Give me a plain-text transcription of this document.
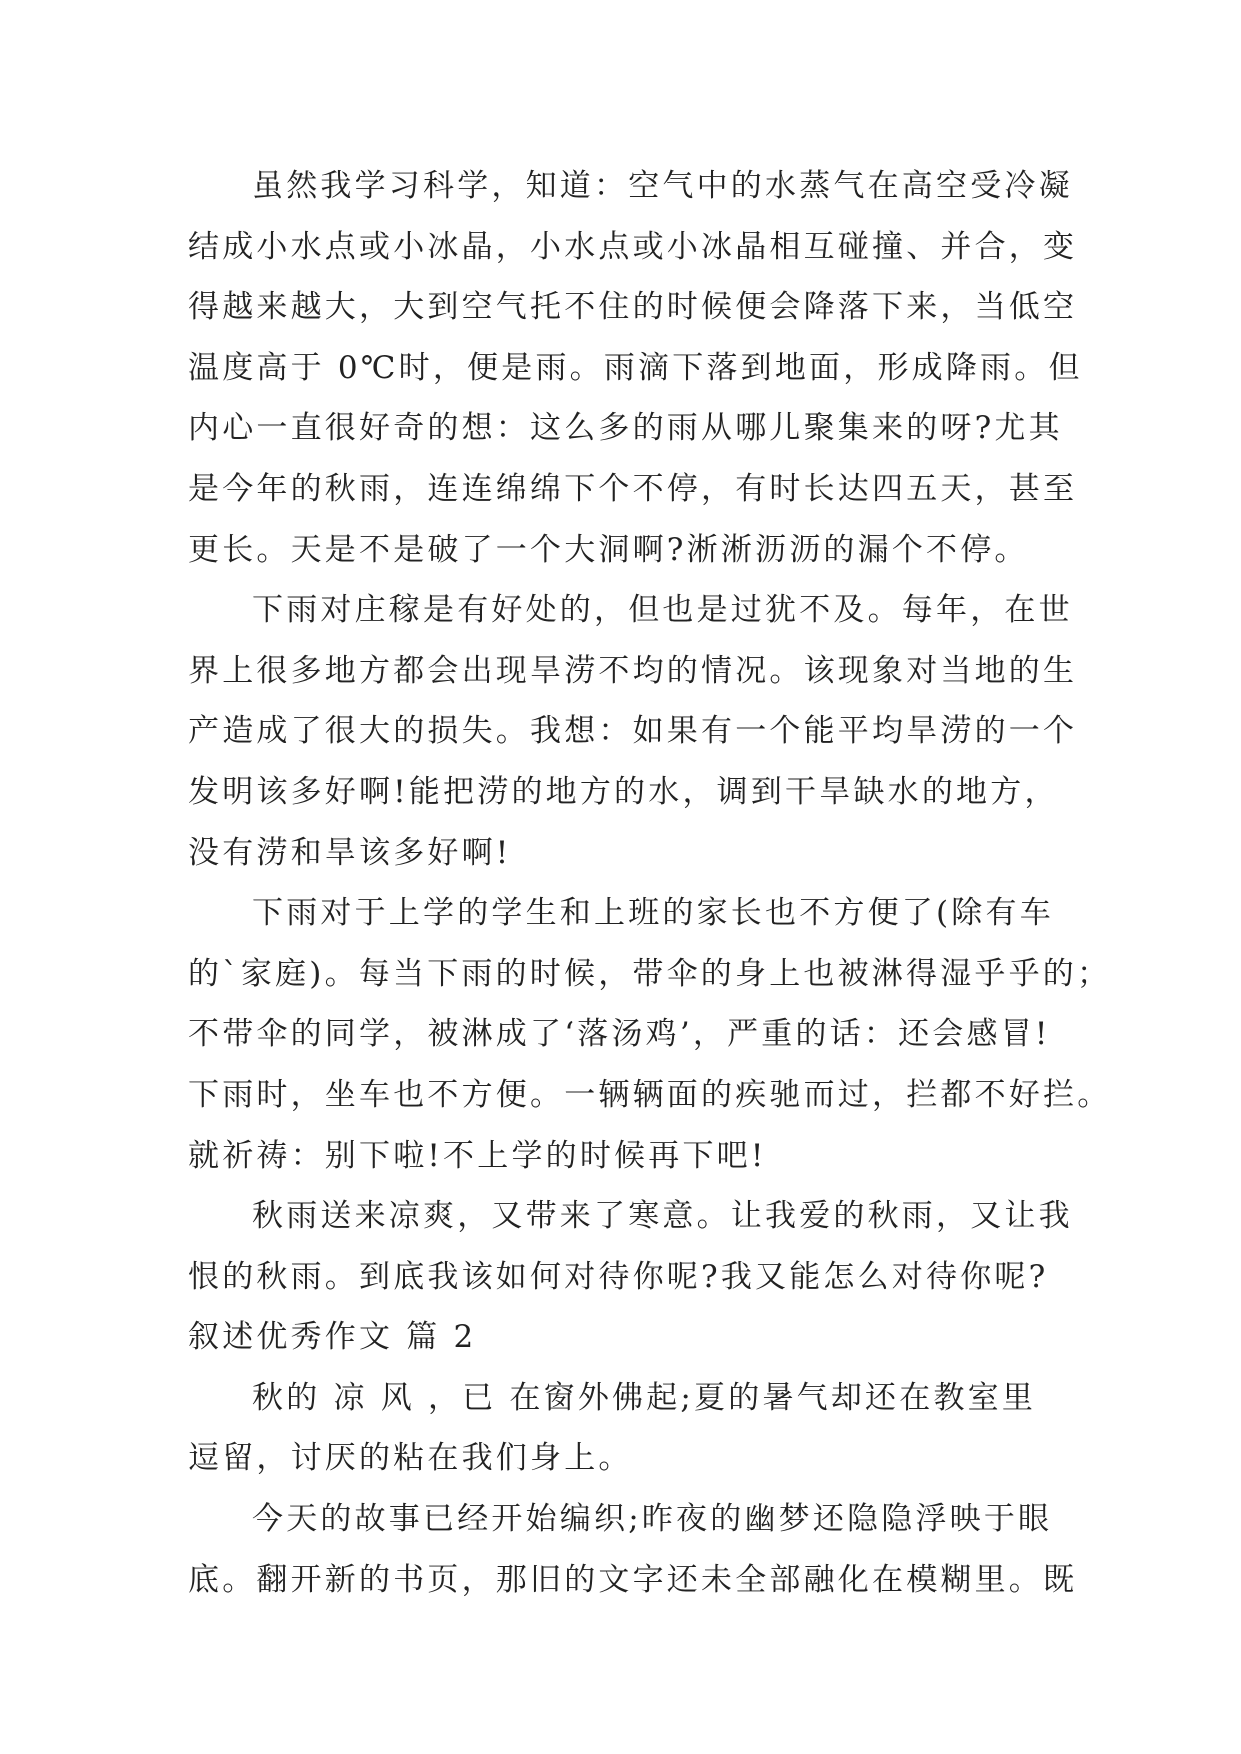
虽然我学习科学，知道：空气中的水蒸气在高空受冷凝
结成小水点或小冰晶，小水点或小冰晶相互碰撞、并合，变
得越来越大，大到空气托不住的时候便会降落下来，当低空
温度高于 0℃时，便是雨。雨滴下落到地面，形成降雨。但
内心一直很好奇的想：这么多的雨从哪儿聚集来的呀?尤其
是今年的秋雨，连连绵绵下个不停，有时长达四五天，甚至
更长。天是不是破了一个大洞啊?淅淅沥沥的漏个不停。
下雨对庄稼是有好处的，但也是过犹不及。每年，在世
界上很多地方都会出现旱涝不均的情况。该现象对当地的生
产造成了很大的损失。我想：如果有一个能平均旱涝的一个
发明该多好啊!能把涝的地方的水，调到干旱缺水的地方，
没有涝和旱该多好啊!
下雨对于上学的学生和上班的家长也不方便了(除有车
的`家庭)。每当下雨的时候，带伞的身上也被淋得湿乎乎的；
不带伞的同学，被淋成了‘落汤鸡’，严重的话：还会感冒!
下雨时，坐车也不方便。一辆辆面的疾驰而过，拦都不好拦。
就祈祷：别下啦!不上学的时候再下吧!
秋雨送来凉爽，又带来了寒意。让我爱的秋雨，又让我
恨的秋雨。到底我该如何对待你呢?我又能怎么对待你呢?
叙述优秀作文 篇 2
秋的 凉 风 ，已 在窗外佛起;夏的暑气却还在教室里
逗留，讨厌的粘在我们身上。
今天的故事已经开始编织;昨夜的幽梦还隐隐浮映于眼
底。翻开新的书页，那旧的文字还未全部融化在模糊里。既
